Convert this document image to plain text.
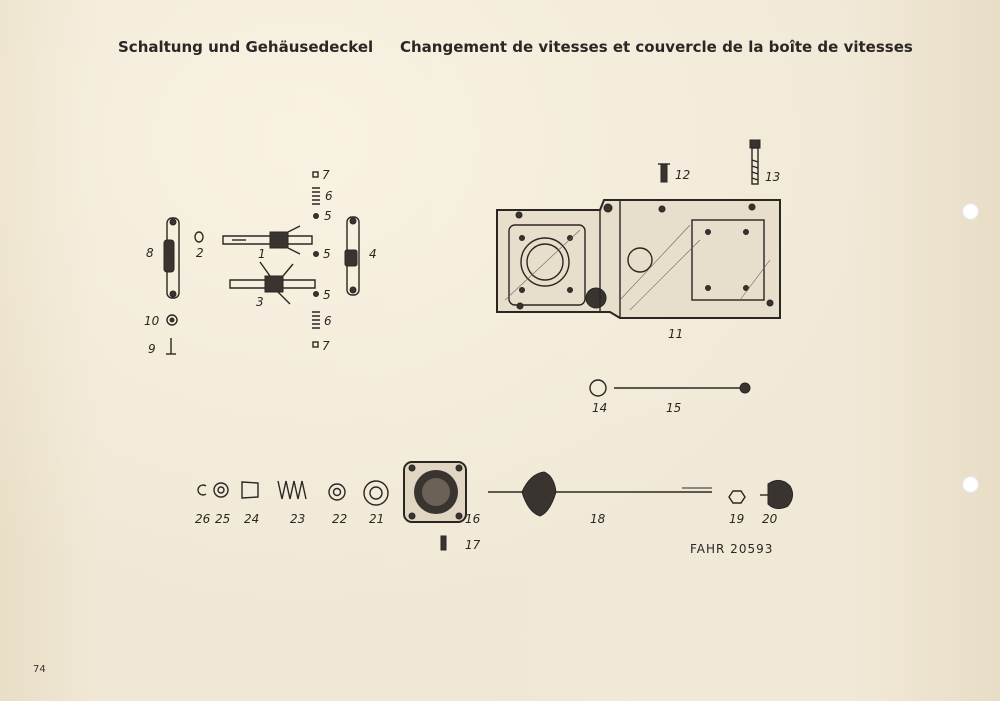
Schaltung und Gehäusedeckel Changement de vitesses et couvercle de la boîte de vitesses
7
6
5
5
5
6
7
8	2	1
3
4
10
9
11
12	13
14	15
26 25 24	23 22 21	16
17
18	19 20
FAHR 20593
74
